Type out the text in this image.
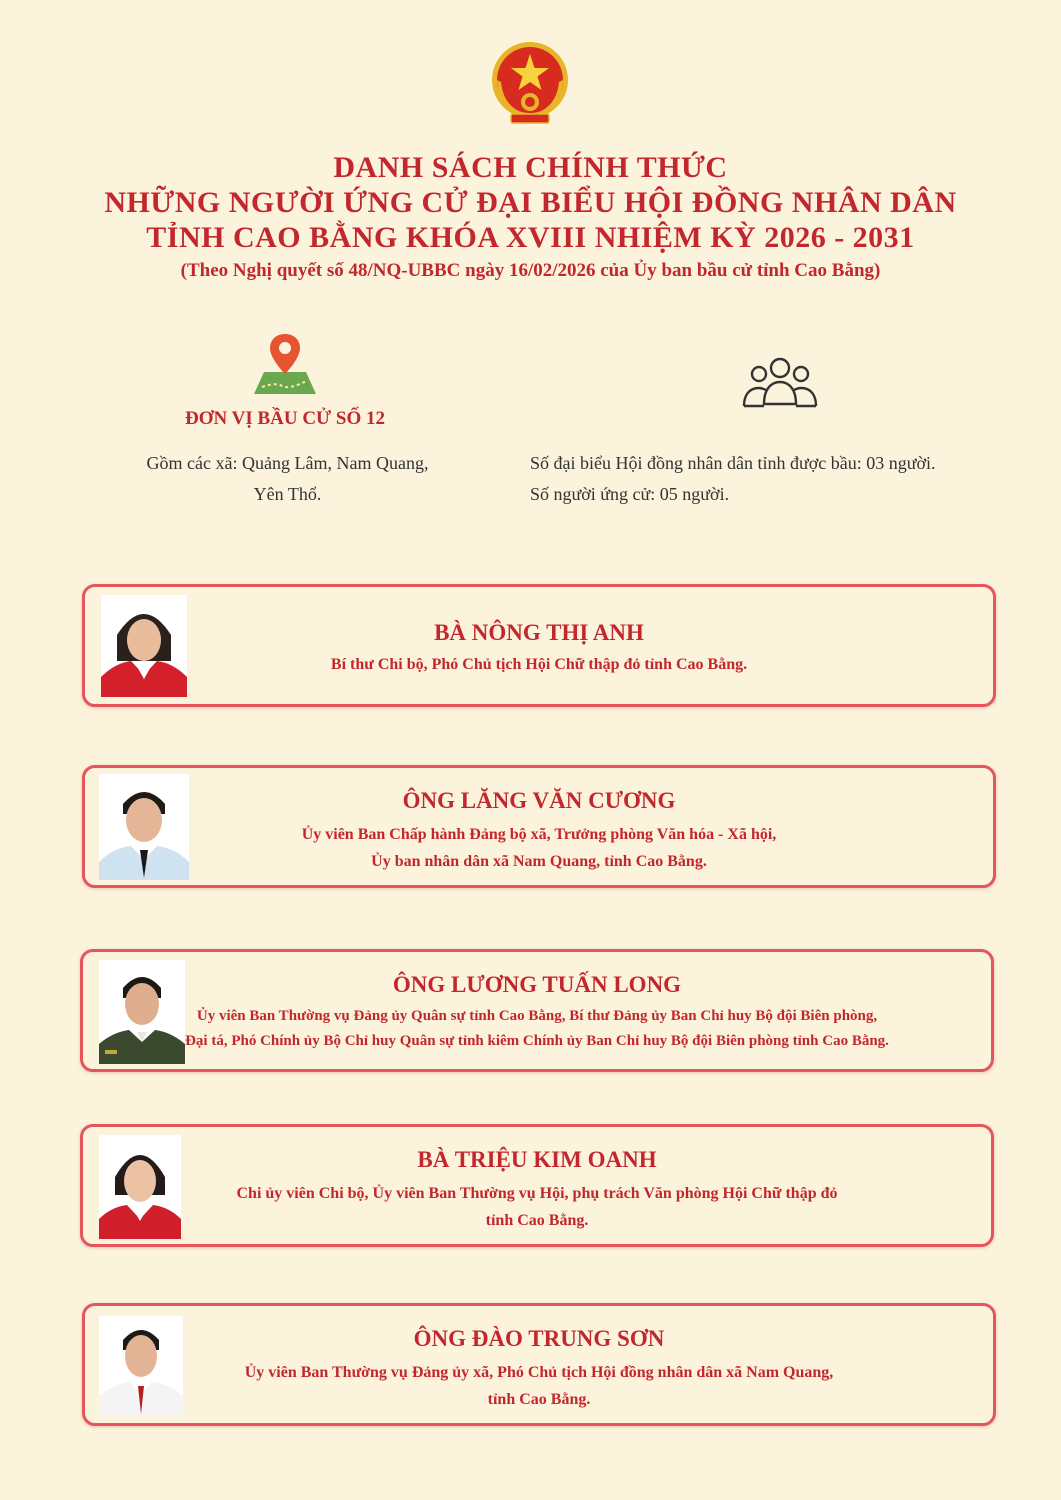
DANH SÁCH CHÍNH THỨC
NHỮNG NGƯỜI ỨNG CỬ ĐẠI BIỂU HỘI ĐỒNG NHÂN DÂN
TỈNH CAO BẰNG KHÓA XVIII NHIỆM KỲ 2026 - 2031
(Theo Nghị quyết số 48/NQ-UBBC ngày 16/02/2026 của Ủy ban bầu cử tỉnh Cao Bằng)
ĐƠN VỊ BẦU CỬ SỐ 12
Gồm các xã: Quảng Lâm, Nam Quang,
Yên Thổ.
Số đại biểu Hội đồng nhân dân tỉnh được bầu: 03 người.
Số người ứng cử: 05 người.
BÀ NÔNG THỊ ANH
Bí thư Chi bộ, Phó Chủ tịch Hội Chữ thập đỏ tỉnh Cao Bằng.
ÔNG LĂNG VĂN CƯƠNG
Ủy viên Ban Chấp hành Đảng bộ xã, Trưởng phòng Văn hóa - Xã hội,
Ủy ban nhân dân xã Nam Quang, tỉnh Cao Bằng.
ÔNG LƯƠNG TUẤN LONG
Ủy viên Ban Thường vụ Đảng ủy Quân sự tỉnh Cao Bằng, Bí thư Đảng ủy Ban Chỉ huy Bộ đội Biên phòng,
Đại tá, Phó Chính ủy Bộ Chỉ huy Quân sự tỉnh kiêm Chính ủy Ban Chỉ huy Bộ đội Biên phòng tỉnh Cao Bằng.
BÀ TRIỆU KIM OANH
Chi ủy viên Chi bộ, Ủy viên Ban Thường vụ Hội, phụ trách Văn phòng Hội Chữ thập đỏ
tỉnh Cao Bằng.
ÔNG ĐÀO TRUNG SƠN
Ủy viên Ban Thường vụ Đảng ủy xã, Phó Chủ tịch Hội đồng nhân dân xã Nam Quang,
tỉnh Cao Bằng.
